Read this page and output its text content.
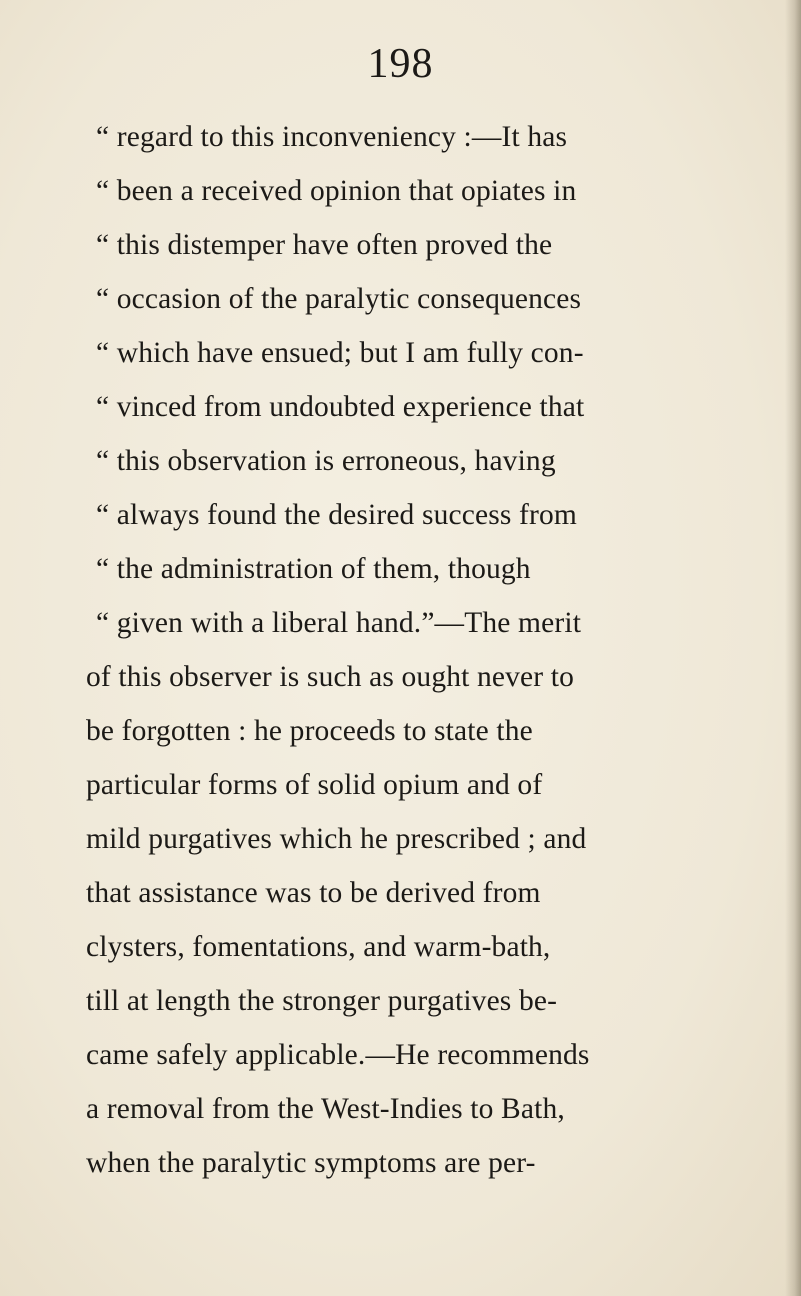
198
“ regard to this inconveniency :—It has
“ been a received opinion that opiates in
“ this distemper have often proved the
“ occasion of the paralytic consequences
“ which have ensued; but I am fully con-
“ vinced from undoubted experience that
“ this observation is erroneous, having
“ always found the desired success from
“ the administration of them, though
“ given with a liberal hand.”—The merit
of this observer is such as ought never to
be forgotten : he proceeds to state the
particular forms of solid opium and of
mild purgatives which he prescribed ; and
that assistance was to be derived from
clysters, fomentations, and warm-bath,
till at length the stronger purgatives be-
came safely applicable.—He recommends
a removal from the West-Indies to Bath,
when the paralytic symptoms are per-
